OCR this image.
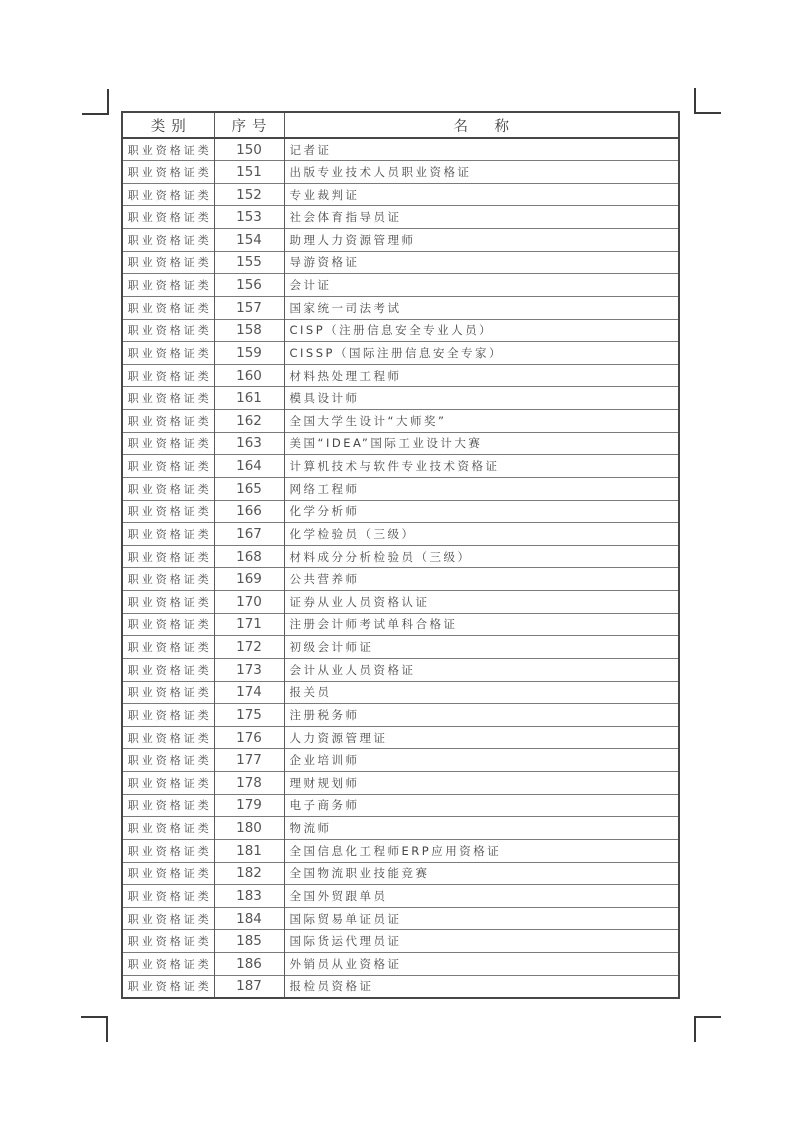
类别	序号	名　称
职业资格证类	150	记者证
职业资格证类	151	出版专业技术人员职业资格证
职业资格证类	152	专业裁判证
职业资格证类	153	社会体育指导员证
职业资格证类	154	助理人力资源管理师
职业资格证类	155	导游资格证
职业资格证类	156	会计证
职业资格证类	157	国家统一司法考试
职业资格证类	158	CISP（注册信息安全专业人员）
职业资格证类	159	CISSP（国际注册信息安全专家）
职业资格证类	160	材料热处理工程师
职业资格证类	161	模具设计师
职业资格证类	162	全国大学生设计“大师奖”
职业资格证类	163	美国“IDEA”国际工业设计大赛
职业资格证类	164	计算机技术与软件专业技术资格证
职业资格证类	165	网络工程师
职业资格证类	166	化学分析师
职业资格证类	167	化学检验员（三级）
职业资格证类	168	材料成分分析检验员（三级）
职业资格证类	169	公共营养师
职业资格证类	170	证券从业人员资格认证
职业资格证类	171	注册会计师考试单科合格证
职业资格证类	172	初级会计师证
职业资格证类	173	会计从业人员资格证
职业资格证类	174	报关员
职业资格证类	175	注册税务师
职业资格证类	176	人力资源管理证
职业资格证类	177	企业培训师
职业资格证类	178	理财规划师
职业资格证类	179	电子商务师
职业资格证类	180	物流师
职业资格证类	181	全国信息化工程师ERP应用资格证
职业资格证类	182	全国物流职业技能竞赛
职业资格证类	183	全国外贸跟单员
职业资格证类	184	国际贸易单证员证
职业资格证类	185	国际货运代理员证
职业资格证类	186	外销员从业资格证
职业资格证类	187	报检员资格证
